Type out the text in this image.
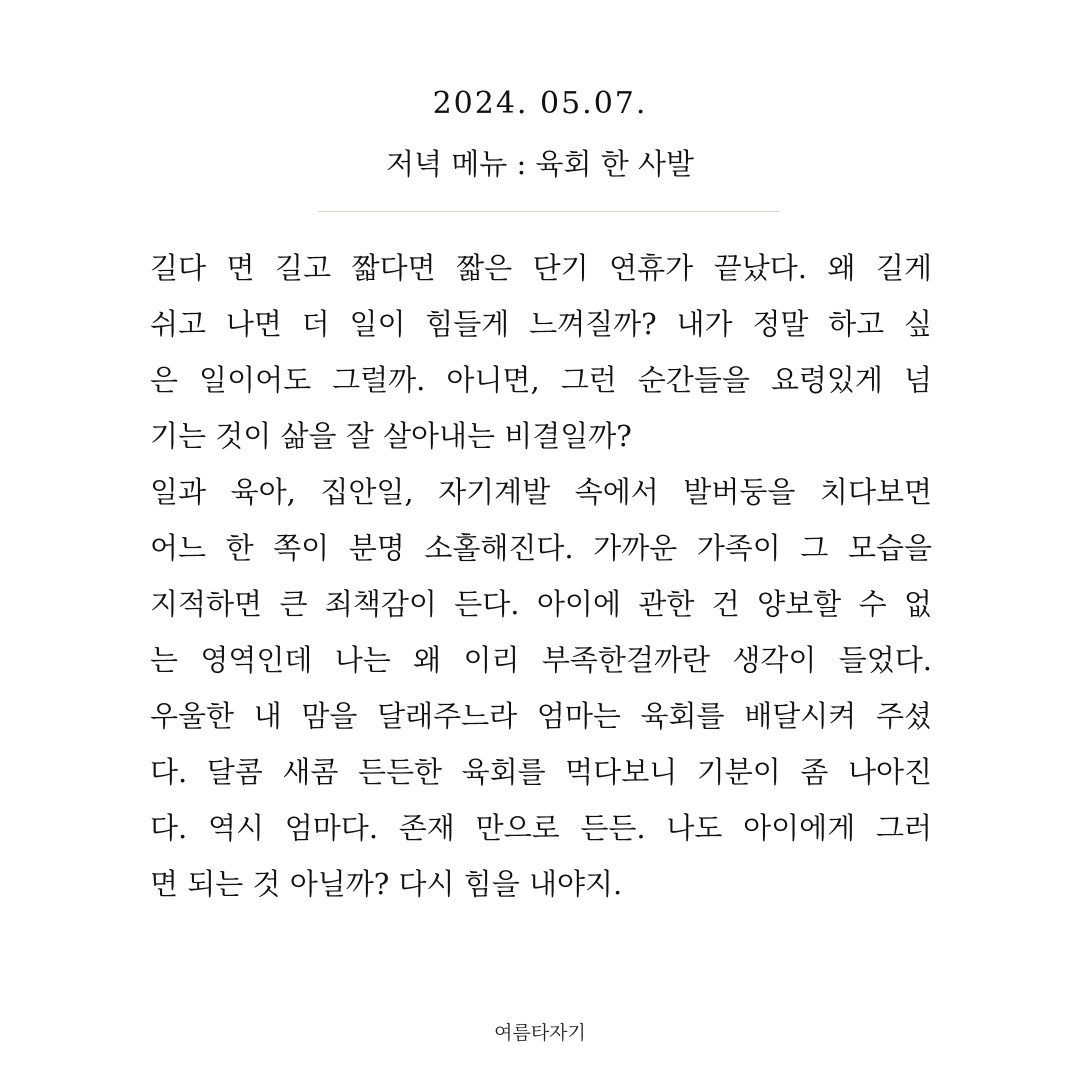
2024. 05.07.
저녁 메뉴 : 육회 한 사발
길다 면 길고 짧다면 짧은 단기 연휴가 끝났다. 왜 길게
쉬고 나면 더 일이 힘들게 느껴질까? 내가 정말 하고 싶
은 일이어도 그럴까. 아니면, 그런 순간들을 요령있게 넘
기는 것이 삶을 잘 살아내는 비결일까?
일과 육아, 집안일, 자기계발 속에서 발버둥을 치다보면
어느 한 쪽이 분명 소홀해진다. 가까운 가족이 그 모습을
지적하면 큰 죄책감이 든다. 아이에 관한 건 양보할 수 없
는 영역인데 나는 왜 이리 부족한걸까란 생각이 들었다.
우울한 내 맘을 달래주느라 엄마는 육회를 배달시켜 주셨
다. 달콤 새콤 든든한 육회를 먹다보니 기분이 좀 나아진
다. 역시 엄마다. 존재 만으로 든든. 나도 아이에게 그러
면 되는 것 아닐까? 다시 힘을 내야지.
여름타자기
